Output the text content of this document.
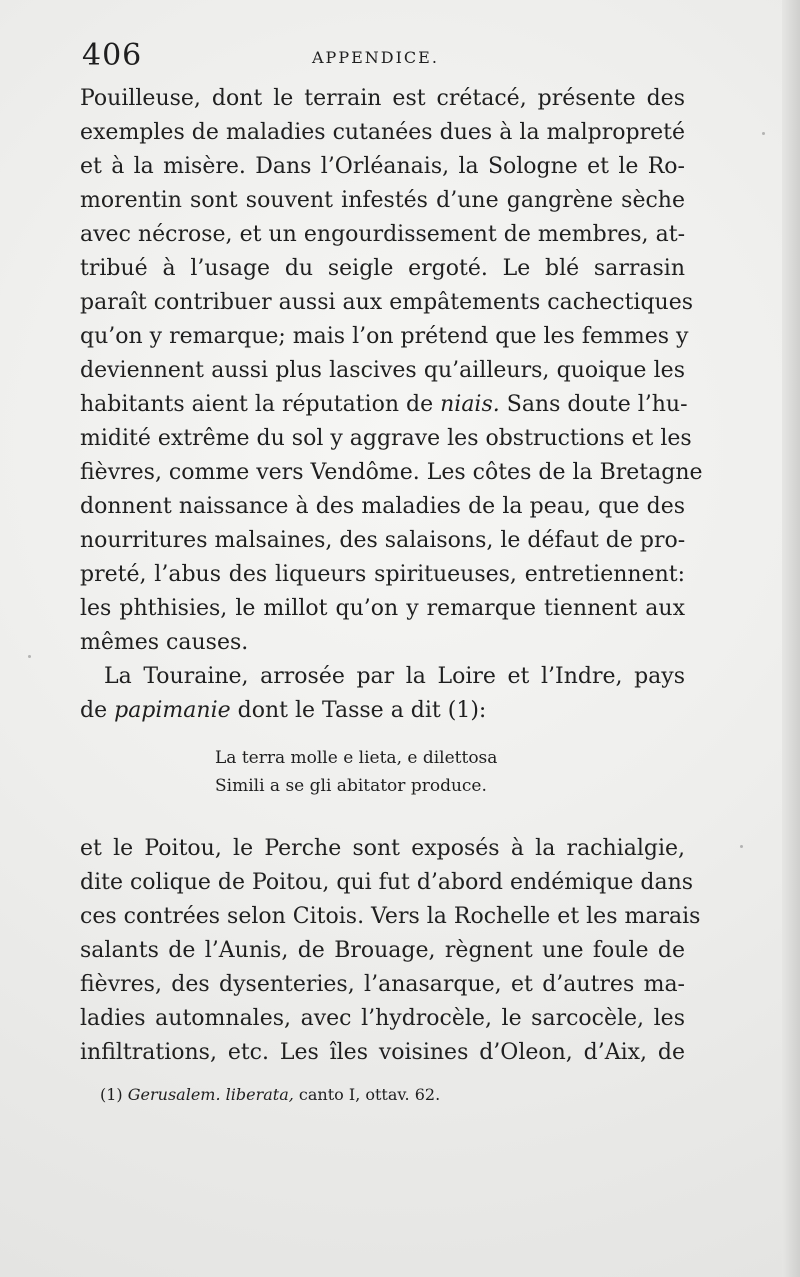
406	APPENDICE.
Pouilleuse, dont le terrain est crétacé, présente des
exemples de maladies cutanées dues à la malpropreté
et à la misère. Dans l’Orléanais, la Sologne et le Ro-
morentin sont souvent infestés d’une gangrène sèche
avec nécrose, et un engourdissement de membres, at-
tribué à l’usage du seigle ergoté. Le blé sarrasin
paraît contribuer aussi aux empâtements cachectiques
qu’on y remarque; mais l’on prétend que les femmes y
deviennent aussi plus lascives qu’ailleurs, quoique les
habitants aient la réputation de niais. Sans doute l’hu-
midité extrême du sol y aggrave les obstructions et les
fièvres, comme vers Vendôme. Les côtes de la Bretagne
donnent naissance à des maladies de la peau, que des
nourritures malsaines, des salaisons, le défaut de pro-
preté, l’abus des liqueurs spiritueuses, entretiennent:
les phthisies, le millot qu’on y remarque tiennent aux
mêmes causes.
La Touraine, arrosée par la Loire et l’Indre, pays
de papimanie dont le Tasse a dit (1):
La terra molle e lieta, e dilettosa
Simili a se gli abitator produce.
et le Poitou, le Perche sont exposés à la rachialgie,
dite colique de Poitou, qui fut d’abord endémique dans
ces contrées selon Citois. Vers la Rochelle et les marais
salants de l’Aunis, de Brouage, règnent une foule de
fièvres, des dysenteries, l’anasarque, et d’autres ma-
ladies automnales, avec l’hydrocèle, le sarcocèle, les
infiltrations, etc. Les îles voisines d’Oleon, d’Aix, de
(1) Gerusalem. liberata, canto I, ottav. 62.
